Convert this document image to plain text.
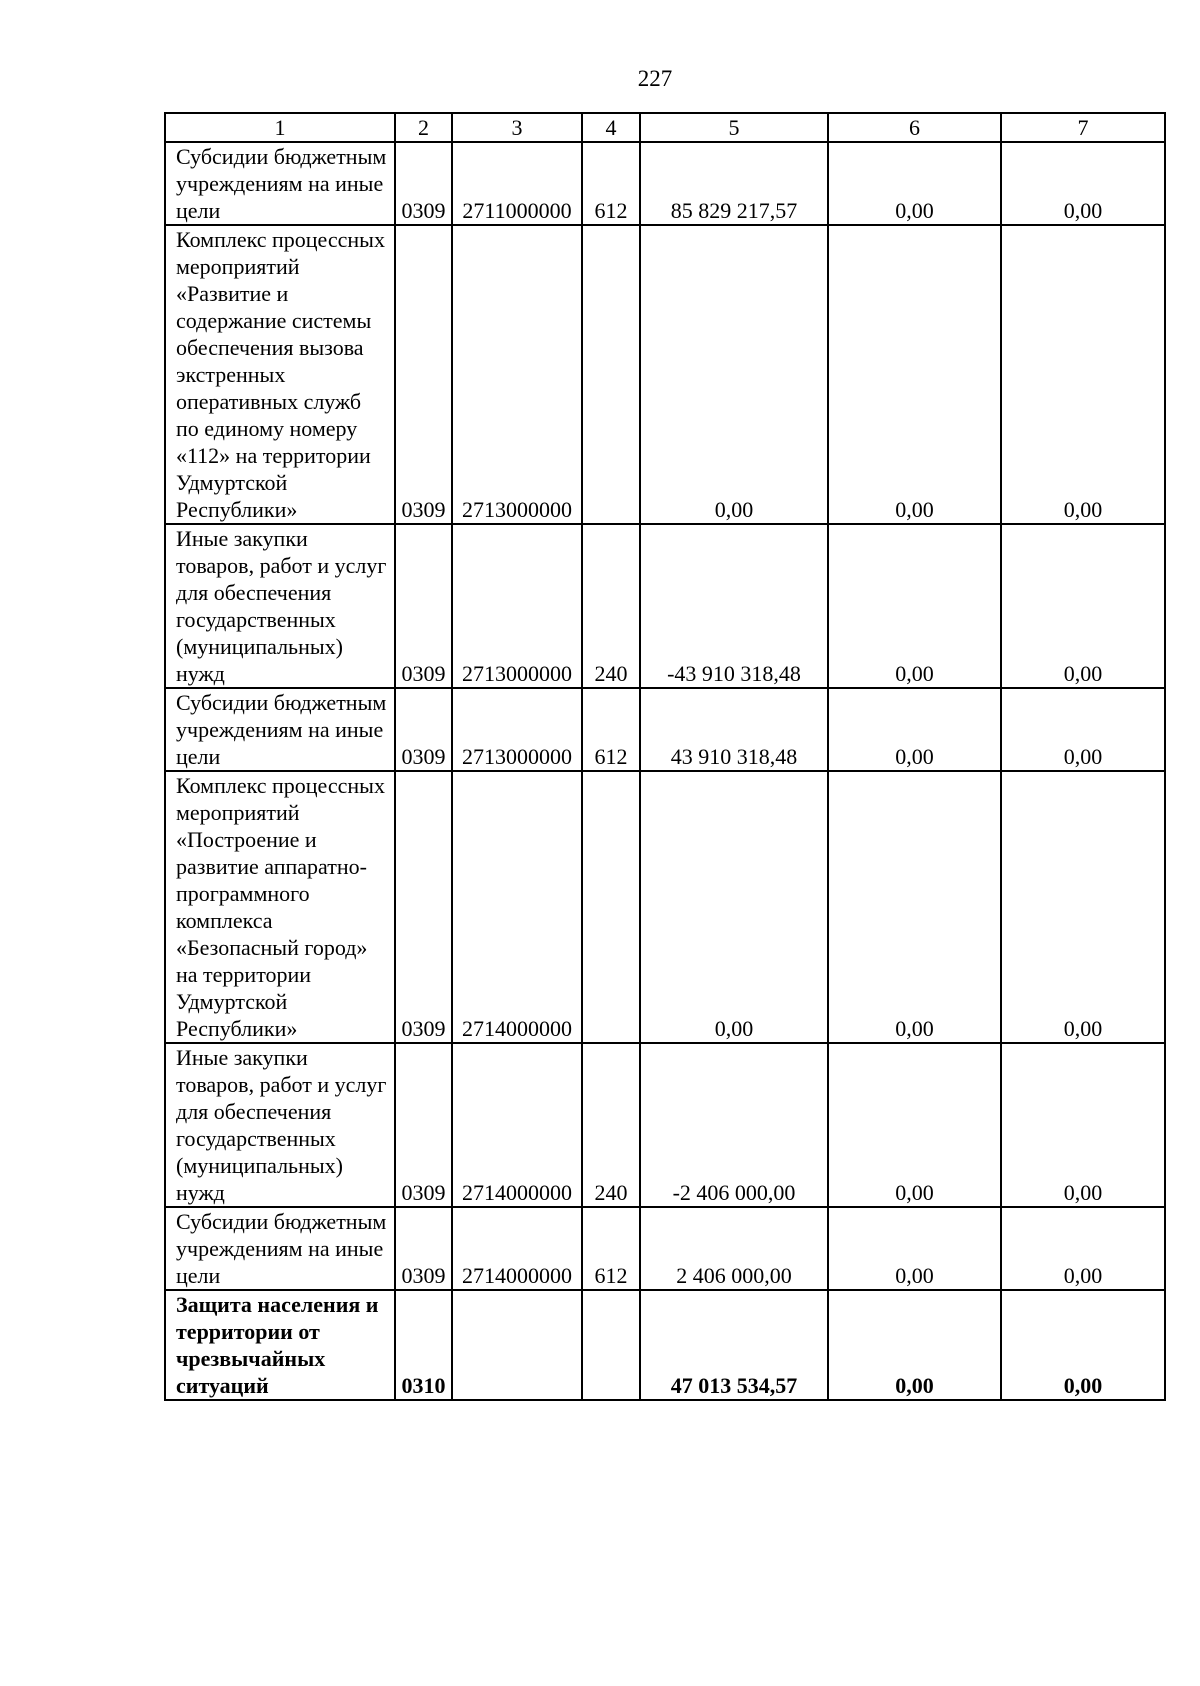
227
1	2	3	4	5	6	7
Субсидии бюджетным учреждениям на иные цели	0309	2711000000	612	85 829 217,57	0,00	0,00
Комплекс процессных мероприятий «Развитие и содержание системы обеспечения вызова экстренных оперативных служб по единому номеру «112» на территории Удмуртской Республики»	0309	2713000000		0,00	0,00	0,00
Иные закупки товаров, работ и услуг для обеспечения государственных (муниципальных) нужд	0309	2713000000	240	-43 910 318,48	0,00	0,00
Субсидии бюджетным учреждениям на иные цели	0309	2713000000	612	43 910 318,48	0,00	0,00
Комплекс процессных мероприятий «Построение и развитие аппаратно-программного комплекса «Безопасный город» на территории Удмуртской Республики»	0309	2714000000		0,00	0,00	0,00
Иные закупки товаров, работ и услуг для обеспечения государственных (муниципальных) нужд	0309	2714000000	240	-2 406 000,00	0,00	0,00
Субсидии бюджетным учреждениям на иные цели	0309	2714000000	612	2 406 000,00	0,00	0,00
Защита населения и территории от чрезвычайных ситуаций	0310			47 013 534,57	0,00	0,00
